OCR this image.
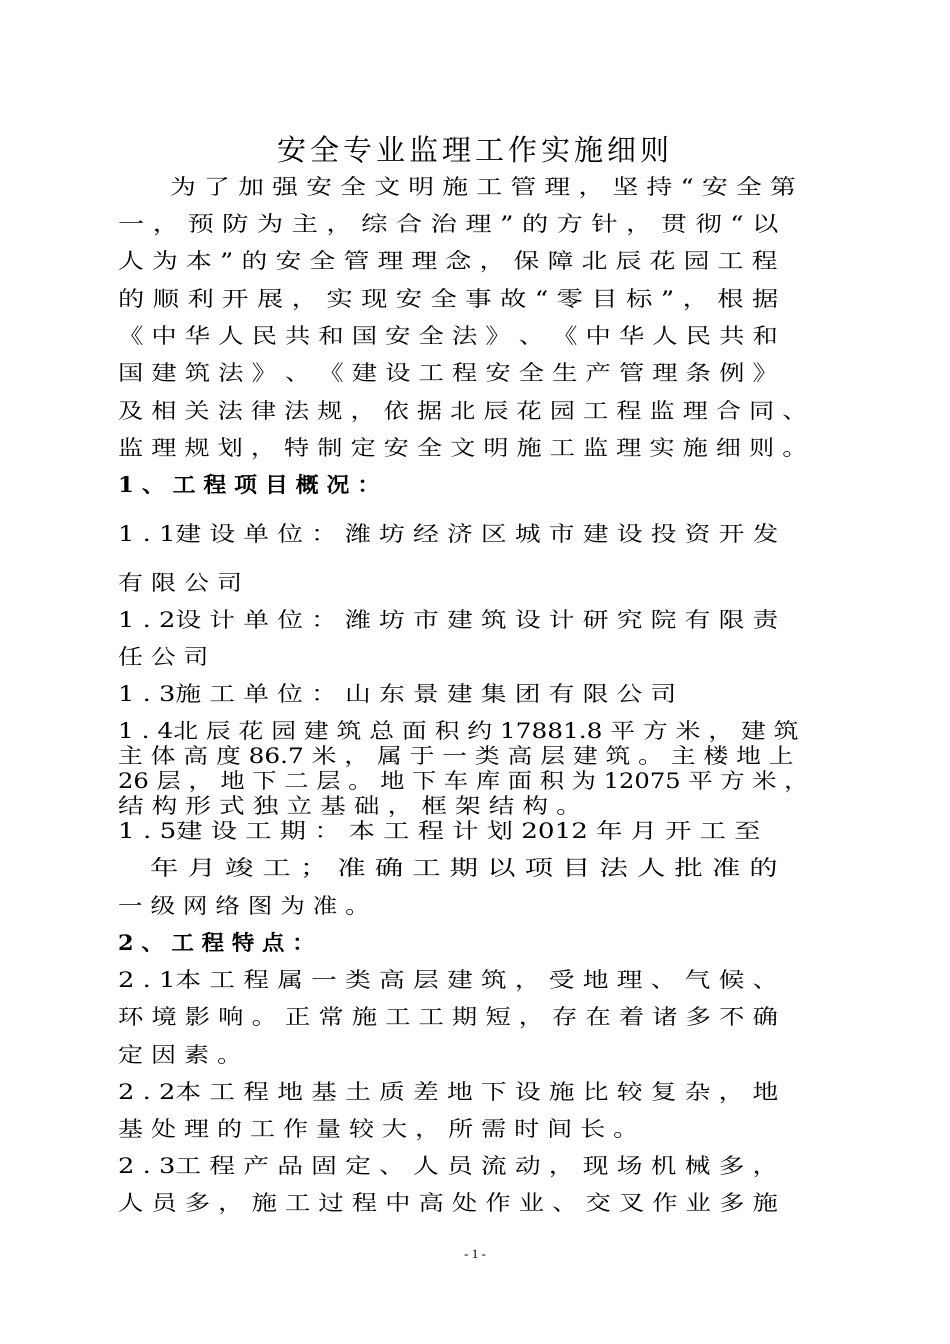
安全专业监理工作实施细则
为 了 加 强 安 全 文 明 施 工 管 理 ， 坚 持 “ 安 全 第
一 ， 预 防 为 主 ， 综 合 治 理 ” 的 方 针 ， 贯 彻 “ 以
人 为 本 ” 的 安 全 管 理 理 念 ， 保 障 北 辰 花 园 工 程
的 顺 利 开 展 ， 实 现 安 全 事 故 “ 零 目 标 ” ， 根 据
《 中 华 人 民 共 和 国 安 全 法 》 、 《 中 华 人 民 共 和
国 建 筑 法 》 、 《 建 设 工 程 安 全 生 产 管 理 条 例 》
及 相 关 法 律 法 规 ， 依 据 北 辰 花 园 工 程 监 理 合 同 、
监 理 规 划 ， 特 制 定 安 全 文 明 施 工 监 理 实 施 细 则 。
1 、 工 程 项 目 概 况 ：
1 . 1建 设 单 位 ： 潍 坊 经 济 区 城 市 建 设 投 资 开 发
有 限 公 司
1 . 2设 计 单 位 ： 潍 坊 市 建 筑 设 计 研 究 院 有 限 责
任 公 司
1 . 3施 工 单 位 ： 山 东 景 建 集 团 有 限 公 司
1 . 4北 辰 花 园 建 筑 总 面 积 约 17881.8 平 方 米 ， 建 筑
主 体 高 度 86.7 米 ， 属 于 一 类 高 层 建 筑 。 主 楼 地 上
26 层 ， 地 下 二 层 。 地 下 车 库 面 积 为 12075 平 方 米 ，
结 构 形 式 独 立 基 础 ， 框 架 结 构 。
1 . 5建 设 工 期 ： 本 工 程 计 划 2012 年 月 开 工 至
年 月 竣 工 ； 准 确 工 期 以 项 目 法 人 批 准 的
一 级 网 络 图 为 准 。
2 、 工 程 特 点 ：
2 . 1本 工 程 属 一 类 高 层 建 筑 ， 受 地 理 、 气 候 、
环 境 影 响 。 正 常 施 工 工 期 短 ， 存 在 着 诸 多 不 确
定 因 素 。
2 . 2本 工 程 地 基 土 质 差 地 下 设 施 比 较 复 杂 ， 地
基 处 理 的 工 作 量 较 大 ， 所 需 时 间 长 。
2 . 3工 程 产 品 固 定 、 人 员 流 动 ， 现 场 机 械 多 ，
人 员 多 ， 施 工 过 程 中 高 处 作 业 、 交 叉 作 业 多 施
- 1 -
